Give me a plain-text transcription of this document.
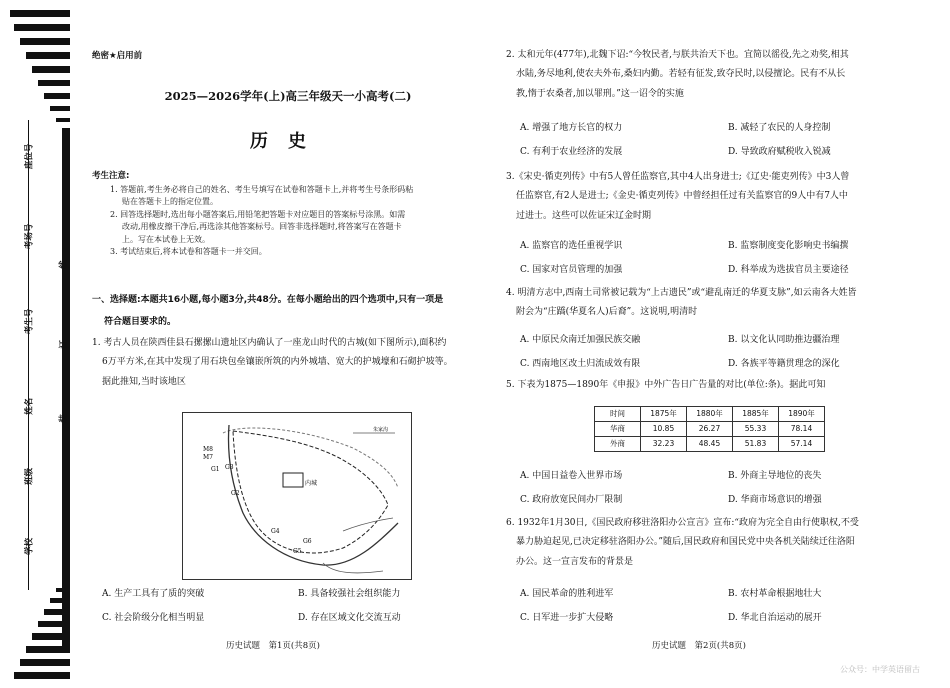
座位号
考场号
考生号
姓名
班级
学校
线
订
装
绝密★启用前
2025—2026学年(上)高三年级天一小高考(二)
历史
考生注意:

1. 答题前,考生务必将自己的姓名、考生号填写在试卷和答题卡上,并将考生号条形码粘

贴在答题卡上的指定位置。

2. 回答选择题时,选出每小题答案后,用铅笔把答题卡对应题目的答案标号涂黑。如需

改动,用橡皮擦干净后,再选涂其他答案标号。回答非选择题时,将答案写在答题卡

上。写在本试卷上无效。

3. 考试结束后,将本试卷和答题卡一并交回。

一、选择题:本题共16小题,每小题3分,共48分。在每小题给出的四个选项中,只有一项是
符合题目要求的。
1. 考古人员在陕西佳县石摞摞山遗址区内确认了一座龙山时代的古城(如下图所示),面积约
6万平方米,在其中发现了用石块包垒镶嵌所筑的内外城墙、宽大的护城壕和石砌护坡等。
据此推知,当时该地区
M8
M7
G1 G3
G2
G4
G5
G6
内城
朱家沟
A. 生产工具有了质的突破	B. 具备较强社会组织能力
C. 社会阶级分化相当明显	D. 存在区域文化交流互动
历史试题　第1页(共8页)
2. 太和元年(477年),北魏下诏:“今牧民者,与朕共治天下也。宜简以徭役,先之劝奖,相其
水陆,务尽地利,使农夫外布,桑妇内勤。若轻有征发,致夺民时,以侵擅论。民有不从长
教,惰于农桑者,加以罪刑。”这一诏令的实施
A. 增强了地方长官的权力	B. 减轻了农民的人身控制
C. 有利于农业经济的发展	D. 导致政府赋税收入锐减
3.《宋史·循吏列传》中有5人曾任监察官,其中4人出身进士;《辽史·能吏列传》中3人曾
任监察官,有2人是进士;《金史·循吏列传》中曾经担任过有关监察官的9人中有7人中
过进士。这些可以佐证宋辽金时期
A. 监察官的选任重视学识	B. 监察制度变化影响史书编撰
C. 国家对官员管理的加强	D. 科举成为选拔官员主要途径
4. 明清方志中,西南土司常被记载为“上古遗民”或“避乱南迁的华夏支脉”,如云南各大姓皆
附会为“庄蹻(华夏名人)后裔”。这说明,明清时
A. 中原民众南迁加强民族交融	B. 以文化认同助推边疆治理
C. 西南地区改土归流成效有限	D. 各族平等籍贯理念的深化
5. 下表为1875—1890年《申报》中外广告日广告量的对比(单位:条)。据此可知
时间	1875年	1880年	1885年	1890年
华商	10.85	26.27	55.33	78.14
外商	32.23	48.45	51.83	57.14
A. 中国日益卷入世界市场	B. 外商主导地位的丧失
C. 政府放宽民间办厂限制	D. 华商市场意识的增强
6. 1932年1月30日,《国民政府移驻洛阳办公宣言》宣布:“政府为完全自由行使职权,不受
暴力胁迫起见,已决定移驻洛阳办公。”随后,国民政府和国民党中央各机关陆续迁往洛阳
办公。这一宣言发布的背景是
A. 国民革命的胜利进军	B. 农村革命根据地壮大
C. 日军进一步扩大侵略	D. 华北自治运动的展开
历史试题　第2页(共8页)
公众号：中学英语留古
